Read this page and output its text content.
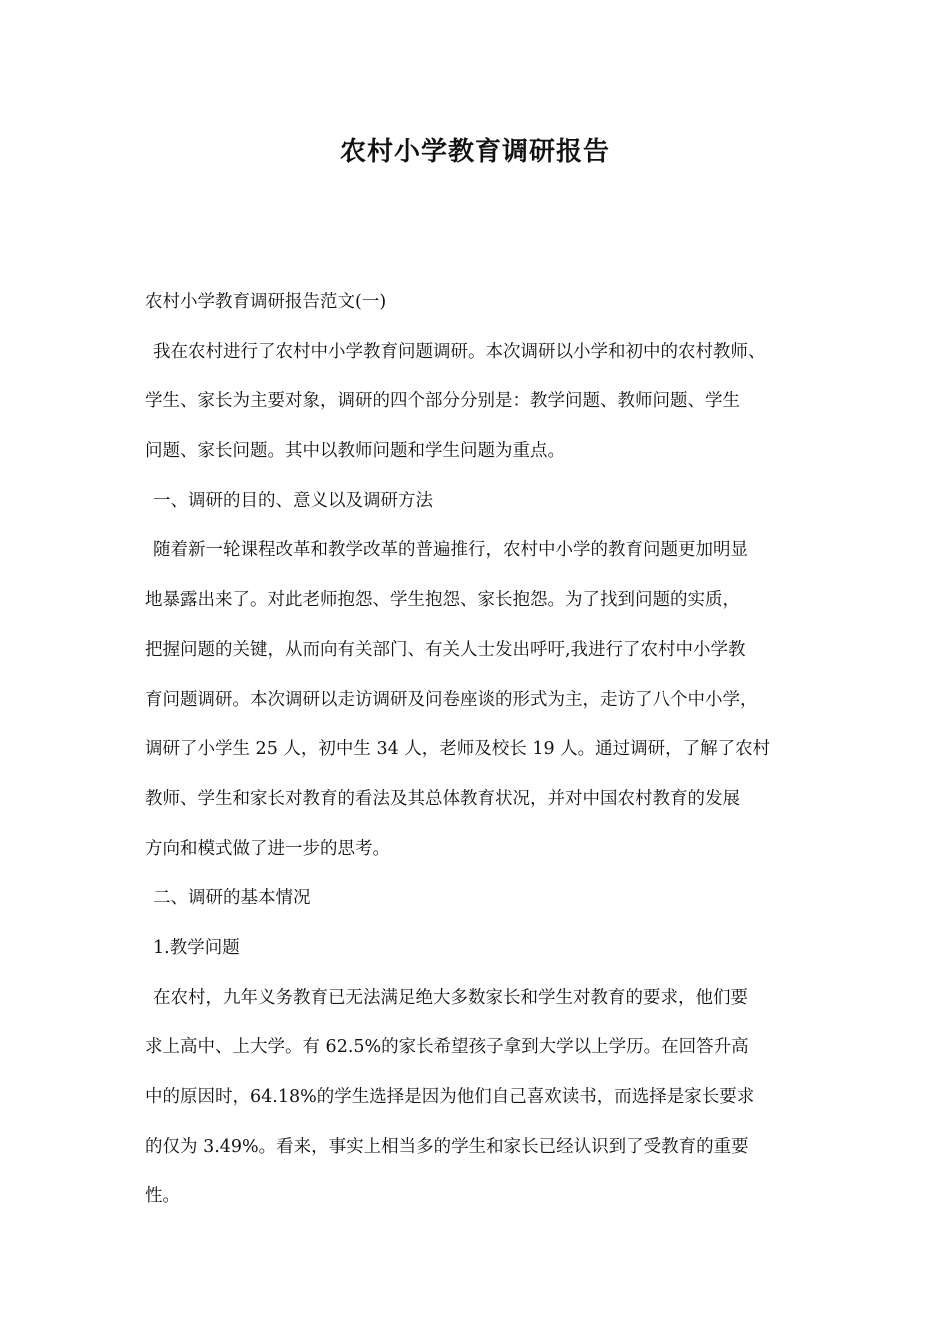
农村小学教育调研报告
农村小学教育调研报告范文(一)
我在农村进行了农村中小学教育问题调研。本次调研以小学和初中的农村教师、
学生、家长为主要对象，调研的四个部分分别是：教学问题、教师问题、学生
问题、家长问题。其中以教师问题和学生问题为重点。
一、调研的目的、意义以及调研方法
随着新一轮课程改革和教学改革的普遍推行，农村中小学的教育问题更加明显
地暴露出来了。对此老师抱怨、学生抱怨、家长抱怨。为了找到问题的实质，
把握问题的关键，从而向有关部门、有关人士发出呼吁,我进行了农村中小学教
育问题调研。本次调研以走访调研及问卷座谈的形式为主，走访了八个中小学，
调研了小学生 25 人，初中生 34 人，老师及校长 19 人。通过调研，了解了农村
教师、学生和家长对教育的看法及其总体教育状况，并对中国农村教育的发展
方向和模式做了进一步的思考。
二、调研的基本情况
1.教学问题
在农村，九年义务教育已无法满足绝大多数家长和学生对教育的要求，他们要
求上高中、上大学。有 62.5%的家长希望孩子拿到大学以上学历。在回答升高
中的原因时，64.18%的学生选择是因为他们自己喜欢读书，而选择是家长要求
的仅为 3.49%。看来，事实上相当多的学生和家长已经认识到了受教育的重要
性。
